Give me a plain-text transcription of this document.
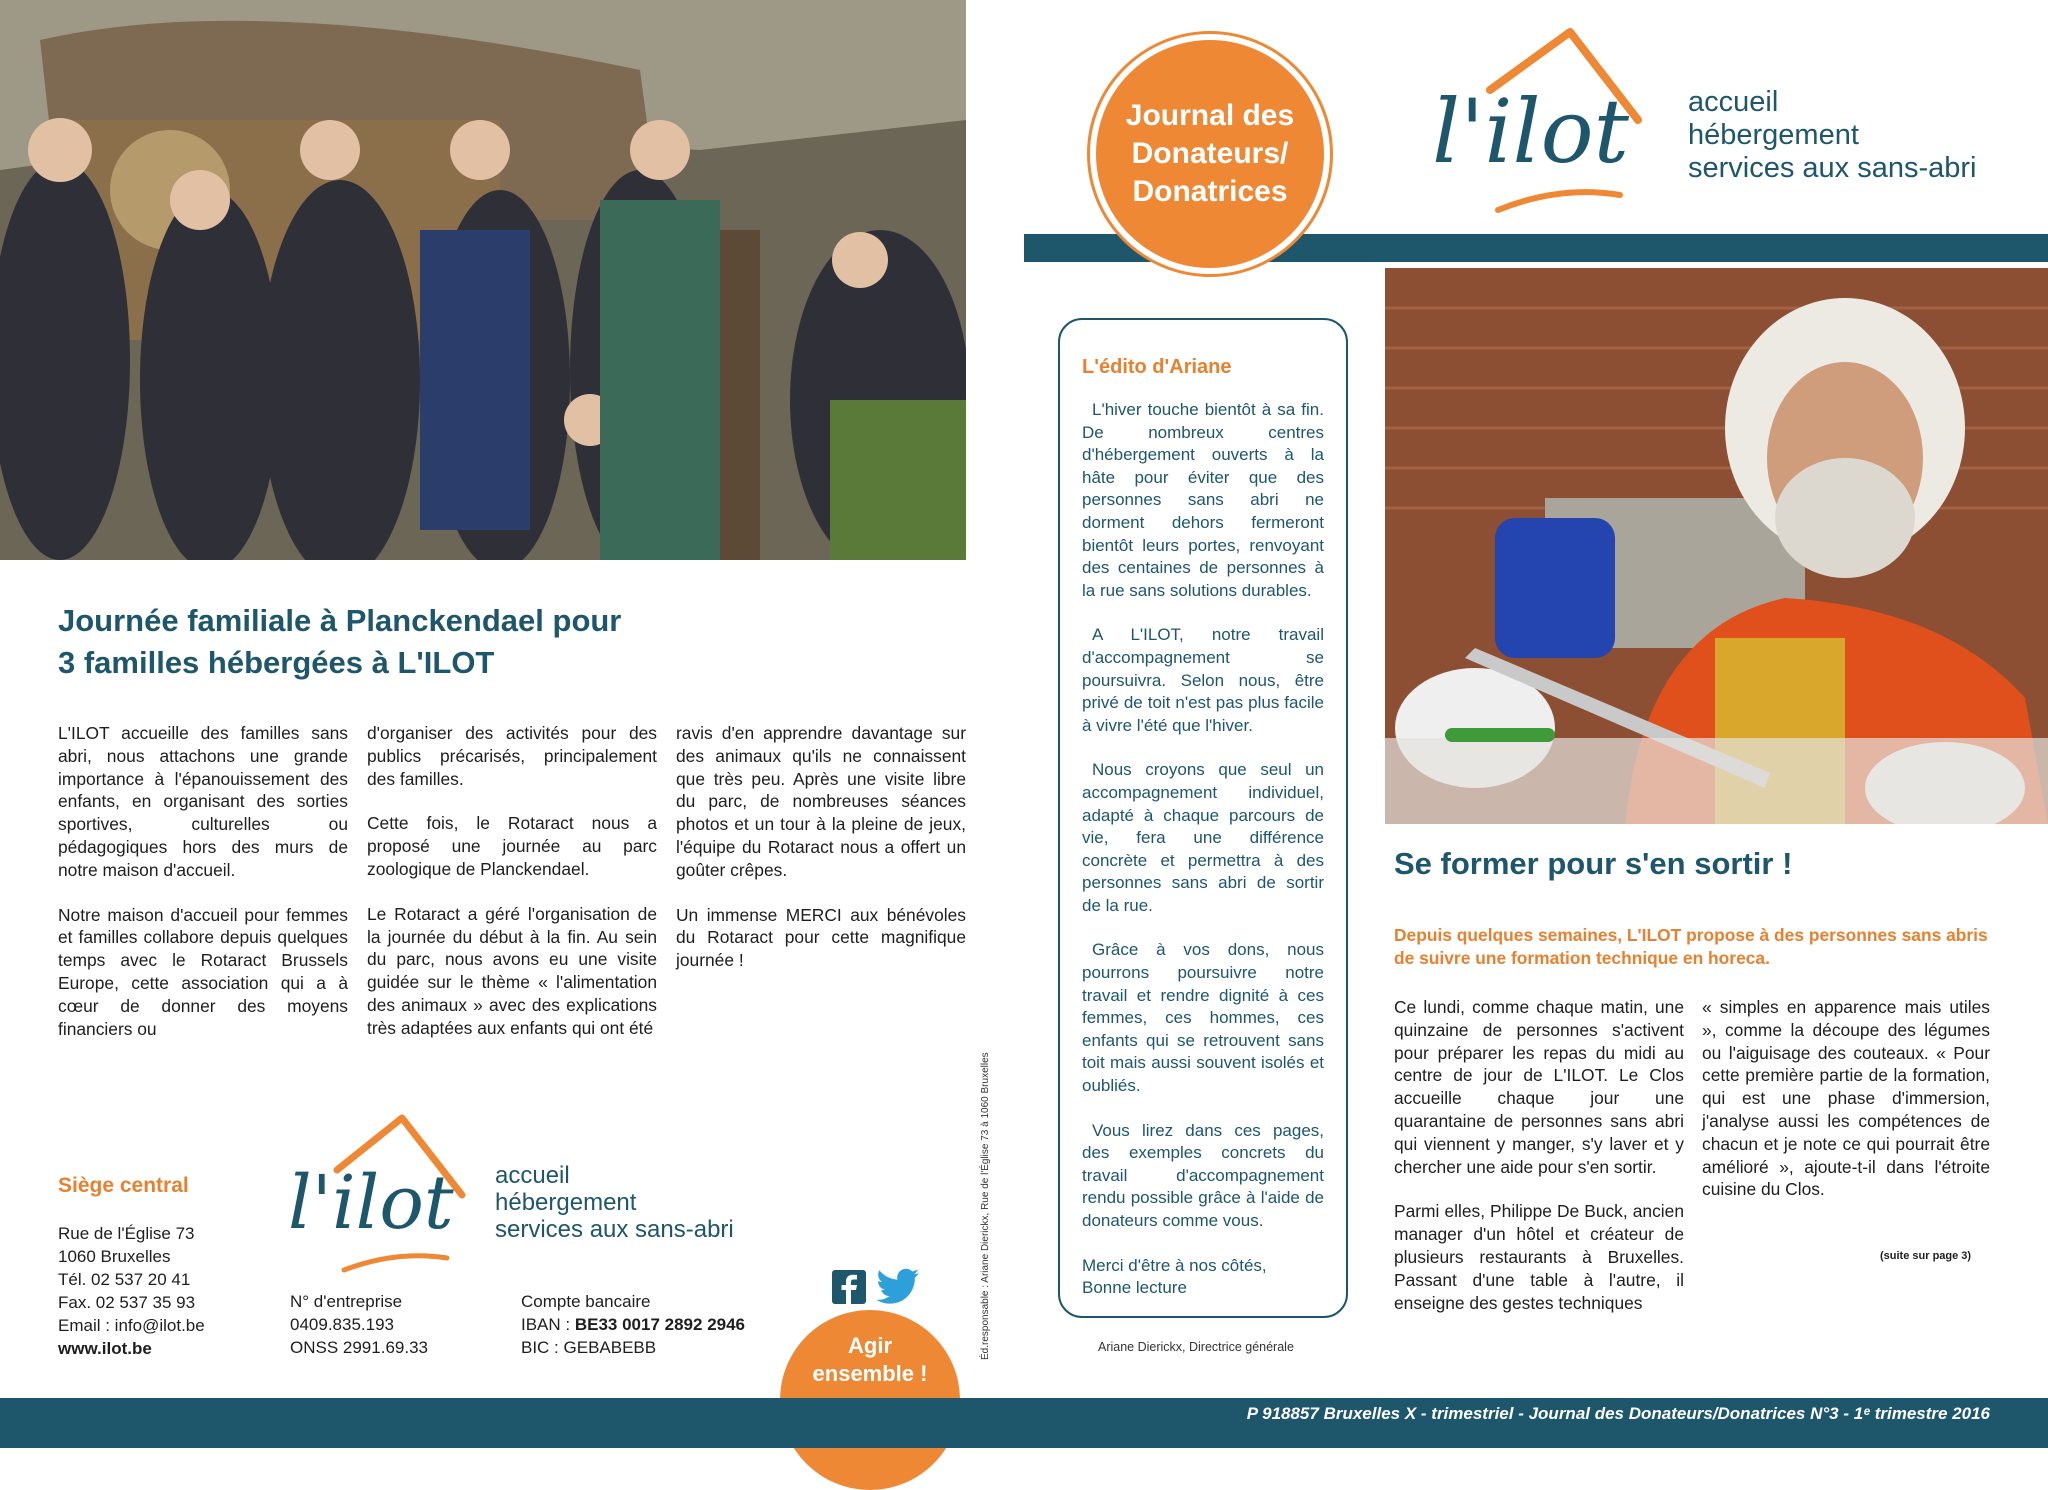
Journal des
Donateurs/
Donatrices
l'ilot accueil
hébergement
services aux sans-abri
Journée familiale à Planckendael pour
3 familles hébergées à L'ILOT

L'ILOT accueille des familles sans abri, nous attachons une grande importance à l'épanouissement des enfants, en organisant des sorties sportives, culturelles ou pédagogiques hors des murs de notre maison d'accueil.

Notre maison d'accueil pour femmes et familles collabore depuis quelques temps avec le Rotaract Brussels Europe, cette association qui a à cœur de donner des moyens financiers ou

d'organiser des activités pour des publics précarisés, principalement des familles.

Cette fois, le Rotaract nous a proposé une journée au parc zoologique de Planckendael.

Le Rotaract a géré l'organisation de la journée du début à la fin. Au sein du parc, nous avons eu une visite guidée sur le thème « l'alimentation des animaux » avec des explications très adaptées aux enfants qui ont été

ravis d'en apprendre davantage sur des animaux qu'ils ne connaissent que très peu. Après une visite libre du parc, de nombreuses séances photos et un tour à la pleine de jeux, l'équipe du Rotaract nous a offert un goûter crêpes.

Un immense MERCI aux bénévoles du Rotaract pour cette magnifique journée !

Siège central l'ilot accueil
hébergement
services aux sans-abri
Rue de l'Église 73
1060 Bruxelles
Tél. 02 537 20 41
Fax. 02 537 35 93
Email : info@ilot.be
www.ilot.be
N° d'entreprise
0409.835.193
ONSS 2991.69.33
Compte bancaire
IBAN : BE33 0017 2892 2946
BIC : GEBABEBB	Éd.responsable : Ariane Dierickx, Rue de l'Église 73 à 1060 Bruxelles
L'édito d'Ariane

L'hiver touche bientôt à sa fin. De nombreux centres d'hébergement ouverts à la hâte pour éviter que des personnes sans abri ne dorment dehors fermeront bientôt leurs portes, renvoyant des centaines de personnes à la rue sans solutions durables.

A L'ILOT, notre travail d'accompagnement se poursuivra. Selon nous, être privé de toit n'est pas plus facile à vivre l'été que l'hiver.

Nous croyons que seul un accompagnement individuel, adapté à chaque parcours de vie, fera une différence concrète et permettra à des personnes sans abri de sortir de la rue.

Grâce à vos dons, nous pourrons poursuivre notre travail et rendre dignité à ces femmes, ces hommes, ces enfants qui se retrouvent sans toit mais aussi souvent isolés et oubliés.

Vous lirez dans ces pages, des exemples concrets du travail d'accompagnement rendu possible grâce à l'aide de donateurs comme vous.

Merci d'être à nos côtés,
Bonne lecture

Ariane Dierickx, Directrice générale
Se former pour s'en sortir !
Depuis quelques semaines, L'ILOT propose à des personnes sans abris de suivre une formation technique en horeca.

Ce lundi, comme chaque matin, une quinzaine de personnes s'activent pour préparer les repas du midi au centre de jour de L'ILOT. Le Clos accueille chaque jour une quarantaine de personnes sans abri qui viennent y manger, s'y laver et y chercher une aide pour s'en sortir.

Parmi elles, Philippe De Buck, ancien manager d'un hôtel et créateur de plusieurs restaurants à Bruxelles. Passant d'une table à l'autre, il enseigne des gestes techniques

« simples en apparence mais utiles », comme la découpe des légumes ou l'aiguisage des couteaux. « Pour cette première partie de la formation, qui est une phase d'immersion, j'analyse aussi les compétences de chacun et je note ce qui pourrait être amélioré », ajoute-t-il dans l'étroite cuisine du Clos.

(suite sur page 3)
Agir
ensemble !
P 918857 Bruxelles X - trimestriel - Journal des Donateurs/Donatrices N°3 - 1ᵉ trimestre 2016
